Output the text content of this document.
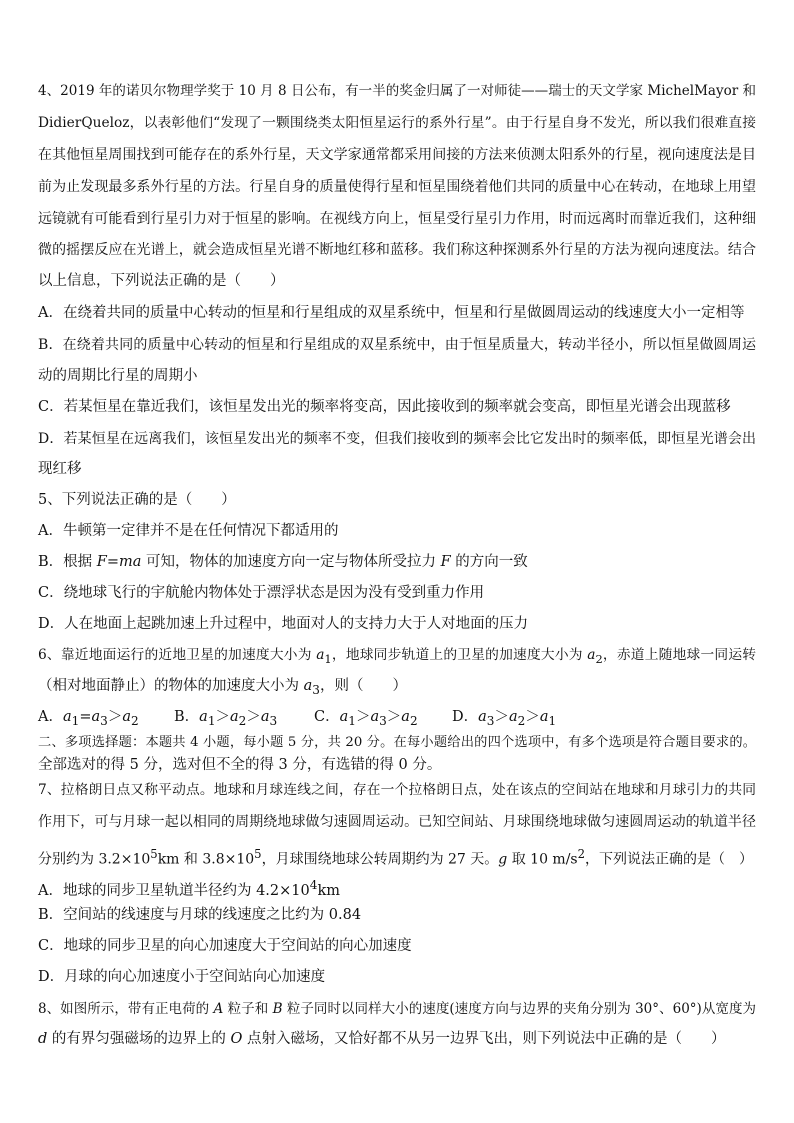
4、2019 年的诺贝尔物理学奖于 10 月 8 日公布，有一半的奖金归属了一对师徒——瑞士的天文学家 MichelMayor 和
DidierQueloz，以表彰他们“发现了一颗围绕类太阳恒星运行的系外行星”。由于行星自身不发光，所以我们很难直接
在其他恒星周围找到可能存在的系外行星，天文学家通常都采用间接的方法来侦测太阳系外的行星，视向速度法是目
前为止发现最多系外行星的方法。行星自身的质量使得行星和恒星围绕着他们共同的质量中心在转动，在地球上用望
远镜就有可能看到行星引力对于恒星的影响。在视线方向上，恒星受行星引力作用，时而远离时而靠近我们，这种细
微的摇摆反应在光谱上，就会造成恒星光谱不断地红移和蓝移。我们称这种探测系外行星的方法为视向速度法。结合
以上信息，下列说法正确的是（　　）
A．在绕着共同的质量中心转动的恒星和行星组成的双星系统中，恒星和行星做圆周运动的线速度大小一定相等
B．在绕着共同的质量中心转动的恒星和行星组成的双星系统中，由于恒星质量大，转动半径小，所以恒星做圆周运
动的周期比行星的周期小
C．若某恒星在靠近我们，该恒星发出光的频率将变高，因此接收到的频率就会变高，即恒星光谱会出现蓝移
D．若某恒星在远离我们，该恒星发出光的频率不变，但我们接收到的频率会比它发出时的频率低，即恒星光谱会出
现红移
5、下列说法正确的是（　　）
A．牛顿第一定律并不是在任何情况下都适用的
B．根据 F=ma 可知，物体的加速度方向一定与物体所受拉力 F 的方向一致
C．绕地球飞行的宇航舱内物体处于漂浮状态是因为没有受到重力作用
D．人在地面上起跳加速上升过程中，地面对人的支持力大于人对地面的压力
6、靠近地面运行的近地卫星的加速度大小为 $a_1$，地球同步轨道上的卫星的加速度大小为 $a_2$，赤道上随地球一同运转
（相对地面静止）的物体的加速度大小为 $a_3$，则（　　）
A．$a_1=a_3>a_2$ B．$a_1>a_2>a_3$	C．$a_1>a_3>a_2$ D．$a_3>a_2>a_1$
二、多项选择题：本题共 4 小题，每小题 5 分，共 20 分。在每小题给出的四个选项中，有多个选项是符合题目要求的。
全部选对的得 5 分，选对但不全的得 3 分，有选错的得 0 分。
7、拉格朗日点又称平动点。地球和月球连线之间，存在一个拉格朗日点，处在该点的空间站在地球和月球引力的共同
作用下，可与月球一起以相同的周期绕地球做匀速圆周运动。已知空间站、月球围绕地球做匀速圆周运动的轨道半径
分别约为 $3.2\times 10^5km$ 和 $3.8\times 10^5$，月球围绕地球公转周期约为 27 天。g 取 10 $m/s^2$，下列说法正确的是（　）
A．地球的同步卫星轨道半径约为 $4.2\times 10^4km$
B．空间站的线速度与月球的线速度之比约为 0.84
C．地球的同步卫星的向心加速度大于空间站的向心加速度
D．月球的向心加速度小于空间站向心加速度
8、如图所示，带有正电荷的 A 粒子和 B 粒子同时以同样大小的速度(速度方向与边界的夹角分别为 30°、60°)从宽度为
d 的有界匀强磁场的边界上的 O 点射入磁场，又恰好都不从另一边界飞出，则下列说法中正确的是（　　）
